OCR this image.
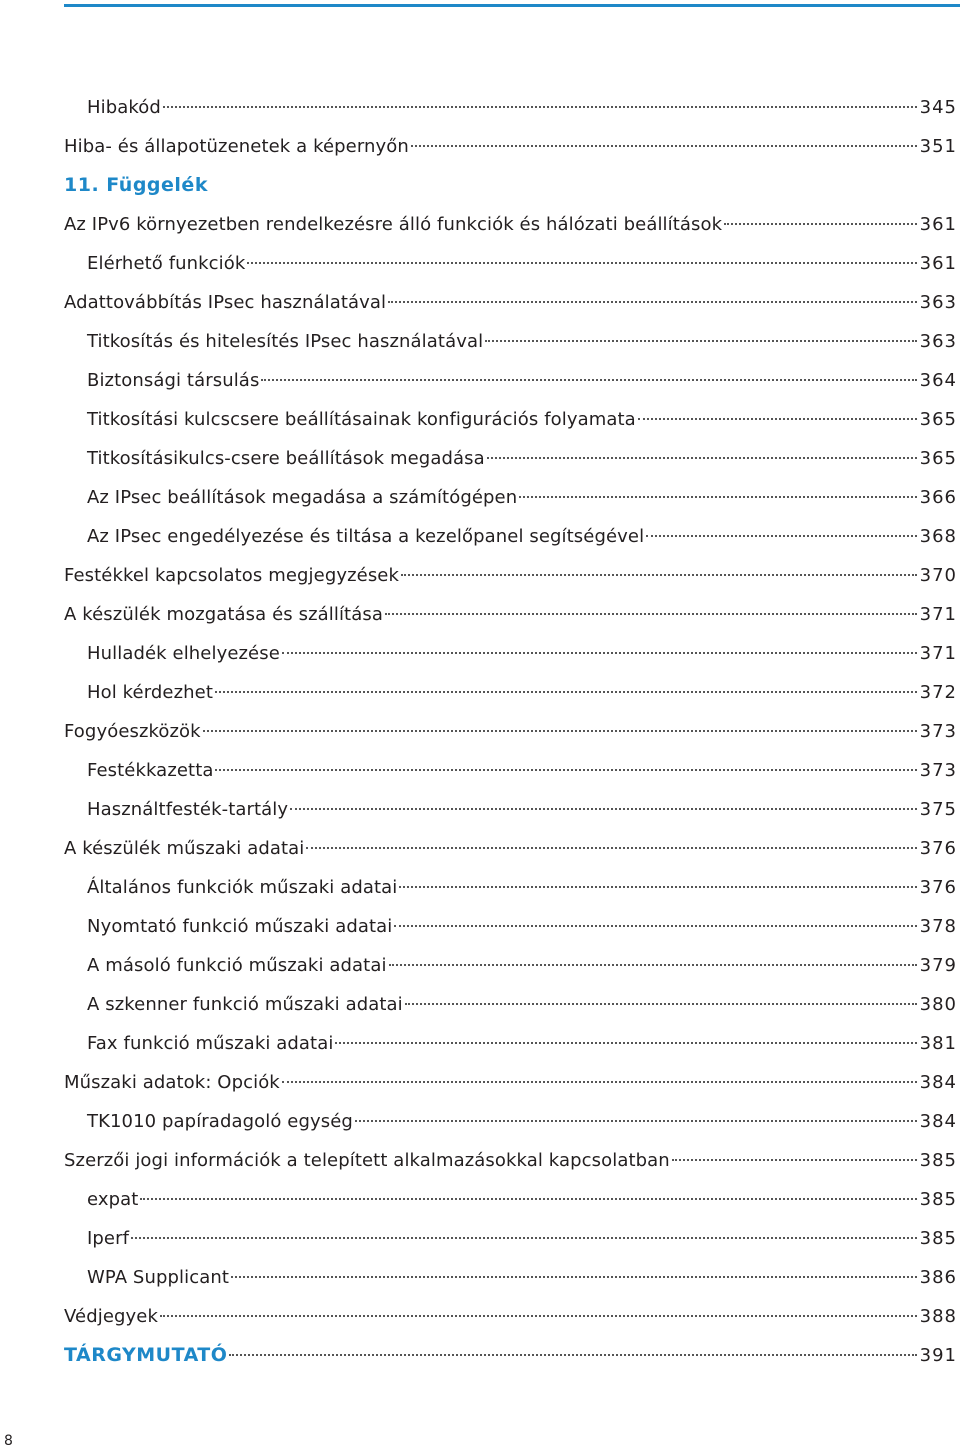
Hibakód	345
Hiba- és állapotüzenetek a képernyőn	351
11. Függelék
Az IPv6 környezetben rendelkezésre álló funkciók és hálózati beállítások	361
Elérhető funkciók	361
Adattovábbítás IPsec használatával	363
Titkosítás és hitelesítés IPsec használatával	363
Biztonsági társulás	364
Titkosítási kulcscsere beállításainak konfigurációs folyamata	365
Titkosításikulcs-csere beállítások megadása	365
Az IPsec beállítások megadása a számítógépen	366
Az IPsec engedélyezése és tiltása a kezelőpanel segítségével	368
Festékkel kapcsolatos megjegyzések	370
A készülék mozgatása és szállítása	371
Hulladék elhelyezése	371
Hol kérdezhet	372
Fogyóeszközök	373
Festékkazetta	373
Használtfesték-tartály	375
A készülék műszaki adatai	376
Általános funkciók műszaki adatai	376
Nyomtató funkció műszaki adatai	378
A másoló funkció műszaki adatai	379
A szkenner funkció műszaki adatai	380
Fax funkció műszaki adatai	381
Műszaki adatok: Opciók	384
TK1010 papíradagoló egység	384
Szerzői jogi információk a telepített alkalmazásokkal kapcsolatban	385
expat	385
Iperf	385
WPA Supplicant	386
Védjegyek	388
TÁRGYMUTATÓ	391
8
